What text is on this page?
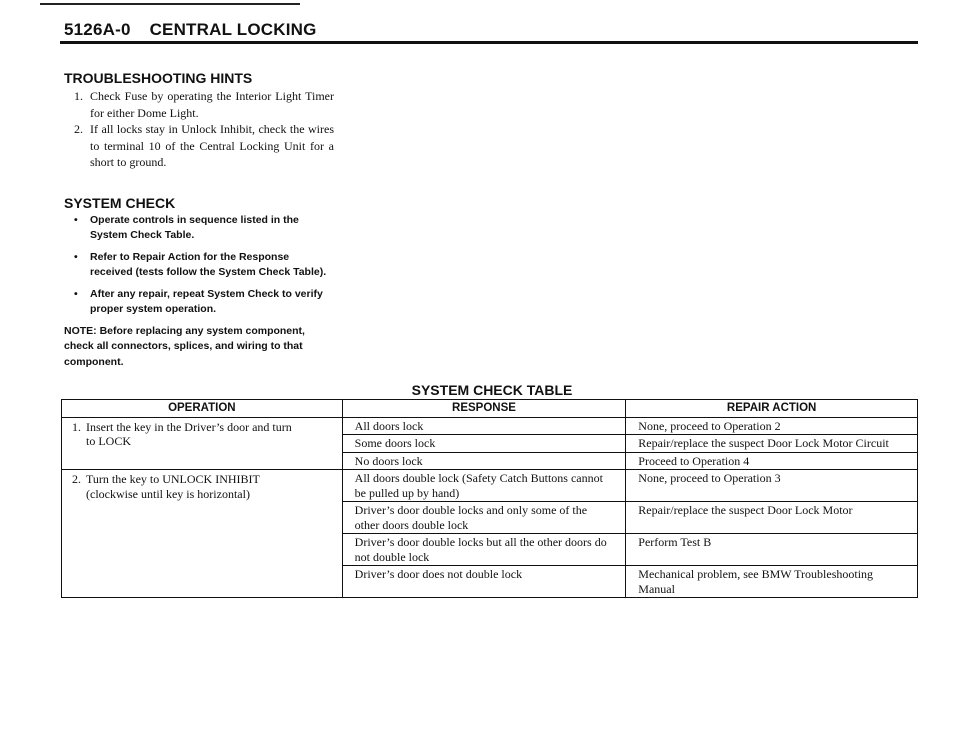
5126A-0 CENTRAL LOCKING
TROUBLESHOOTING HINTS
1. Check Fuse by operating the Interior Light Timer for either Dome Light.
2. If all locks stay in Unlock Inhibit, check the wires to terminal 10 of the Central Locking Unit for a short to ground.
SYSTEM CHECK
• Operate controls in sequence listed in the System Check Table.
• Refer to Repair Action for the Response received (tests follow the System Check Table).
• After any repair, repeat System Check to verify proper system operation.
NOTE: Before replacing any system component, check all connectors, splices, and wiring to that component.
SYSTEM CHECK TABLE
OPERATION	RESPONSE	REPAIR ACTION
1. Insert the key in the Driver’s door and turn
to LOCK	All doors lock	None, proceed to Operation 2
	Some doors lock	Repair/replace the suspect Door Lock Motor Circuit
	No doors lock	Proceed to Operation 4
2. Turn the key to UNLOCK INHIBIT
(clockwise until key is horizontal)	All doors double lock (Safety Catch Buttons cannot be pulled up by hand)	None, proceed to Operation 3
	Driver’s door double locks and only some of the other doors double lock	Repair/replace the suspect Door Lock Motor
	Driver’s door double locks but all the other doors do not double lock	Perform Test B
	Driver’s door does not double lock	Mechanical problem, see BMW Troubleshooting Manual
